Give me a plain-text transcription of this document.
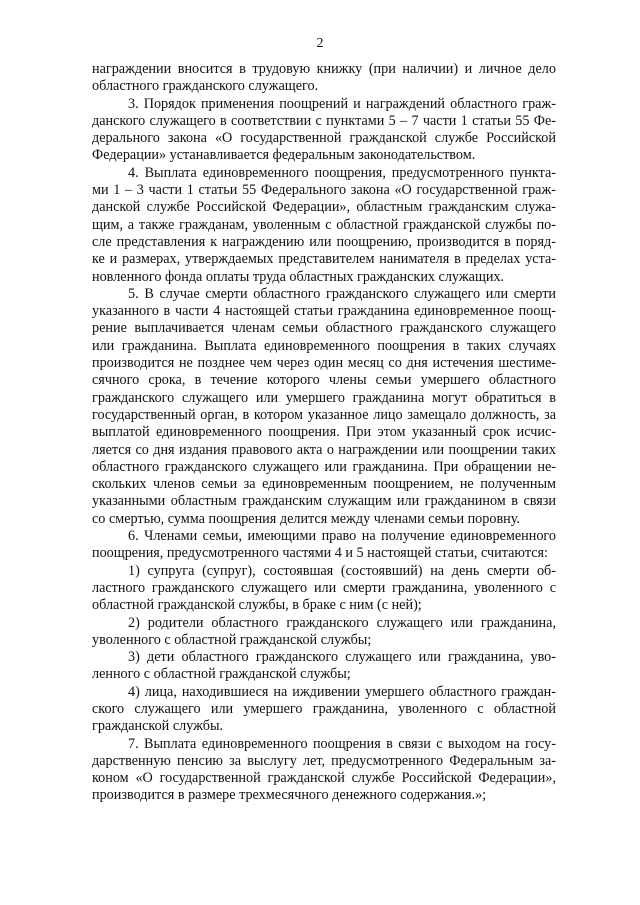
2
награждении вносится в трудовую книжку (при наличии) и личное дело
областного гражданского служащего.
3. Порядок применения поощрений и награждений областного граж-
данского служащего в соответствии с пунктами 5 – 7 части 1 статьи 55 Фе-
дерального закона «О государственной гражданской службе Российской
Федерации» устанавливается федеральным законодательством.
4. Выплата единовременного поощрения, предусмотренного пункта-
ми 1 – 3 части 1 статьи 55 Федерального закона «О государственной граж-
данской службе Российской Федерации», областным гражданским служа-
щим, а также гражданам, уволенным с областной гражданской службы по-
сле представления к награждению или поощрению, производится в поряд-
ке и размерах, утверждаемых представителем нанимателя в пределах уста-
новленного фонда оплаты труда областных гражданских служащих.
5. В случае смерти областного гражданского служащего или смерти
указанного в части 4 настоящей статьи гражданина единовременное поощ-
рение выплачивается членам семьи областного гражданского служащего
или гражданина. Выплата единовременного поощрения в таких случаях
производится не позднее чем через один месяц со дня истечения шестиме-
сячного срока, в течение которого члены семьи умершего областного
гражданского служащего или умершего гражданина могут обратиться в
государственный орган, в котором указанное лицо замещало должность, за
выплатой единовременного поощрения. При этом указанный срок исчис-
ляется со дня издания правового акта о награждении или поощрении таких
областного гражданского служащего или гражданина. При обращении не-
скольких членов семьи за единовременным поощрением, не полученным
указанными областным гражданским служащим или гражданином в связи
со смертью, сумма поощрения делится между членами семьи поровну.
6. Членами семьи, имеющими право на получение единовременного
поощрения, предусмотренного частями 4 и 5 настоящей статьи, считаются:
1) супруга (супруг), состоявшая (состоявший) на день смерти об-
ластного гражданского служащего или смерти гражданина, уволенного с
областной гражданской службы, в браке с ним (с ней);
2) родители областного гражданского служащего или гражданина,
уволенного с областной гражданской службы;
3) дети областного гражданского служащего или гражданина, уво-
ленного с областной гражданской службы;
4) лица, находившиеся на иждивении умершего областного граждан-
ского служащего или умершего гражданина, уволенного с областной
гражданской службы.
7. Выплата единовременного поощрения в связи с выходом на госу-
дарственную пенсию за выслугу лет, предусмотренного Федеральным за-
коном «О государственной гражданской службе Российской Федерации»,
производится в размере трехмесячного денежного содержания.»;
